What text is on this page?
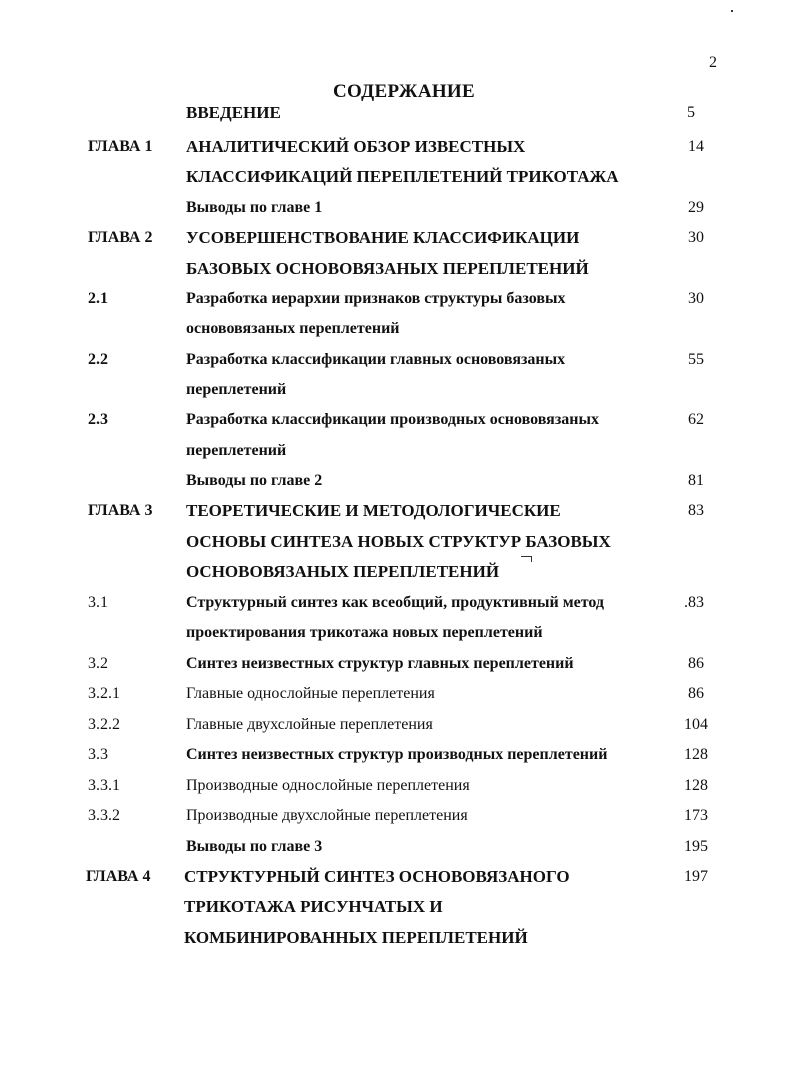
2
СОДЕРЖАНИЕ
ВВЕДЕНИЕ	5
ГЛАВА 1 АНАЛИТИЧЕСКИЙ ОБЗОР ИЗВЕСТНЫХ	14
КЛАССИФИКАЦИЙ ПЕРЕПЛЕТЕНИЙ ТРИКОТАЖА
Выводы по главе 1	29
ГЛАВА 2 УСОВЕРШЕНСТВОВАНИЕ КЛАССИФИКАЦИИ	30
БАЗОВЫХ ОСНОВОВЯЗАНЫХ ПЕРЕПЛЕТЕНИЙ
2.1	Разработка иерархии признаков структуры базовых	30
основовязаных переплетений
2.2	Разработка классификации главных основовязаных	55
переплетений
2.3	Разработка классификации производных основовязаных	62
переплетений
Выводы по главе 2	81
ГЛАВА 3 ТЕОРЕТИЧЕСКИЕ И МЕТОДОЛОГИЧЕСКИЕ	83
ОСНОВЫ СИНТЕЗА НОВЫХ СТРУКТУР БАЗОВЫХ
ОСНОВОВЯЗАНЫХ ПЕРЕПЛЕТЕНИЙ
3.1	Структурный синтез как всеобщий, продуктивный метод	.83
проектирования трикотажа новых переплетений
3.2	Синтез неизвестных структур главных переплетений	86
3.2.1	Главные однослойные переплетения	86
3.2.2	Главные двухслойные переплетения	104
3.3	Синтез неизвестных структур производных переплетений	128
3.3.1	Производные однослойные переплетения	128
3.3.2	Производные двухслойные переплетения	173
Выводы по главе 3	195
ГЛАВА 4 СТРУКТУРНЫЙ СИНТЕЗ ОСНОВОВЯЗАНОГО	197
ТРИКОТАЖА РИСУНЧАТЫХ И
КОМБИНИРОВАННЫХ ПЕРЕПЛЕТЕНИЙ
